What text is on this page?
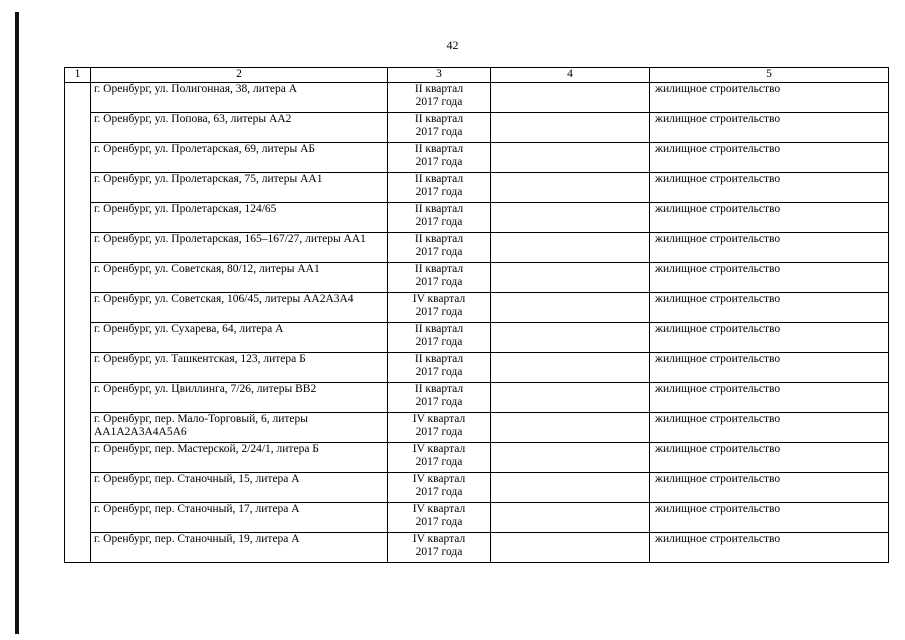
42
1	2	3	4	5
	г. Оренбург, ул. Полигонная, 38, литера А	II квартал
2017 года		жилищное строительство
	г. Оренбург, ул. Попова, 63, литеры АА2	II квартал
2017 года		жилищное строительство
	г. Оренбург, ул. Пролетарская, 69, литеры АБ	II квартал
2017 года		жилищное строительство
	г. Оренбург, ул. Пролетарская, 75, литеры АА1	II квартал
2017 года		жилищное строительство
	г. Оренбург, ул. Пролетарская, 124/65	II квартал
2017 года		жилищное строительство
	г. Оренбург, ул. Пролетарская, 165–167/27, литеры АА1	II квартал
2017 года		жилищное строительство
	г. Оренбург, ул. Советская, 80/12, литеры АА1	II квартал
2017 года		жилищное строительство
	г. Оренбург, ул. Советская, 106/45, литеры АА2А3А4	IV квартал
2017 года		жилищное строительство
	г. Оренбург, ул. Сухарева, 64, литера А	II квартал
2017 года		жилищное строительство
	г. Оренбург, ул. Ташкентская, 123, литера Б	II квартал
2017 года		жилищное строительство
	г. Оренбург, ул. Цвиллинга, 7/26, литеры ВВ2	II квартал
2017 года		жилищное строительство
	г. Оренбург, пер. Мало-Торговый, 6, литеры АА1А2А3А4А5А6	IV квартал
2017 года		жилищное строительство
	г. Оренбург, пер. Мастерской, 2/24/1, литера Б	IV квартал
2017 года		жилищное строительство
	г. Оренбург, пер. Станочный, 15, литера А	IV квартал
2017 года		жилищное строительство
	г. Оренбург, пер. Станочный, 17, литера А	IV квартал
2017 года		жилищное строительство
	г. Оренбург, пер. Станочный, 19, литера А	IV квартал
2017 года		жилищное строительство
